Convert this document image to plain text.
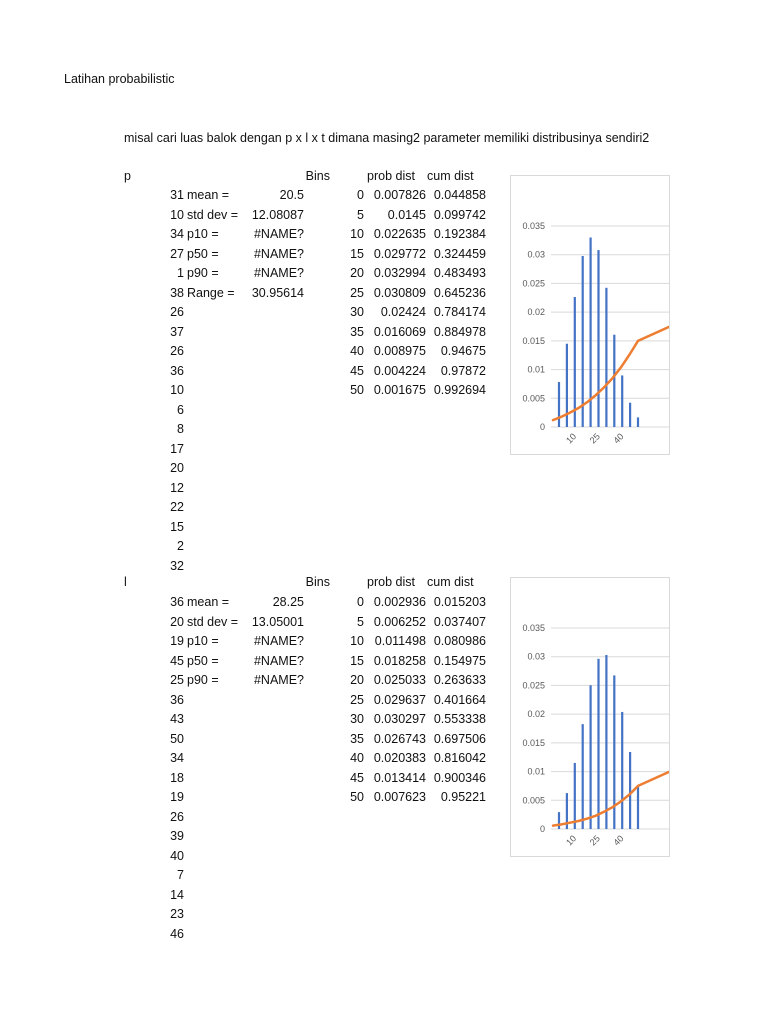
Latihan probabilistic
misal cari luas balok dengan p x l x t dimana masing2 parameter memiliki distribusinya sendiri2
p
31
10
34
27
1
38
26
37
26
36
10
6
8
17
20
12
22
15
2
32
mean =
std dev =
p10 =
p50 =
p90 =
Range =
20.5
12.08087
#NAME?
#NAME?
#NAME?
30.95614
Bins	prob dist cum dist
0
5
10
15
20
25
30
35
40
45
50
0.007826
0.0145
0.022635
0.029772
0.032994
0.030809
0.02424
0.016069
0.008975
0.004224
0.001675
0.044858
0.099742
0.192384
0.324459
0.483493
0.645236
0.784174
0.884978
0.94675
0.97872
0.992694
0
0.005
0.01
0.015
0.02
0.025
0.03
0.035
10 25 40
l
36
20
19
45
25
36
43
50
34
18
19
26
39
40
7
14
23
46
mean =
std dev =
p10 =
p50 =
p90 =
28.25
13.05001
#NAME?
#NAME?
#NAME?
Bins	prob dist cum dist
0
5
10
15
20
25
30
35
40
45
50
0.002936
0.006252
0.011498
0.018258
0.025033
0.029637
0.030297
0.026743
0.020383
0.013414
0.007623
0.015203
0.037407
0.080986
0.154975
0.263633
0.401664
0.553338
0.697506
0.816042
0.900346
0.95221
0
0.005
0.01
0.015
0.02
0.025
0.03
0.035
10 25 40
